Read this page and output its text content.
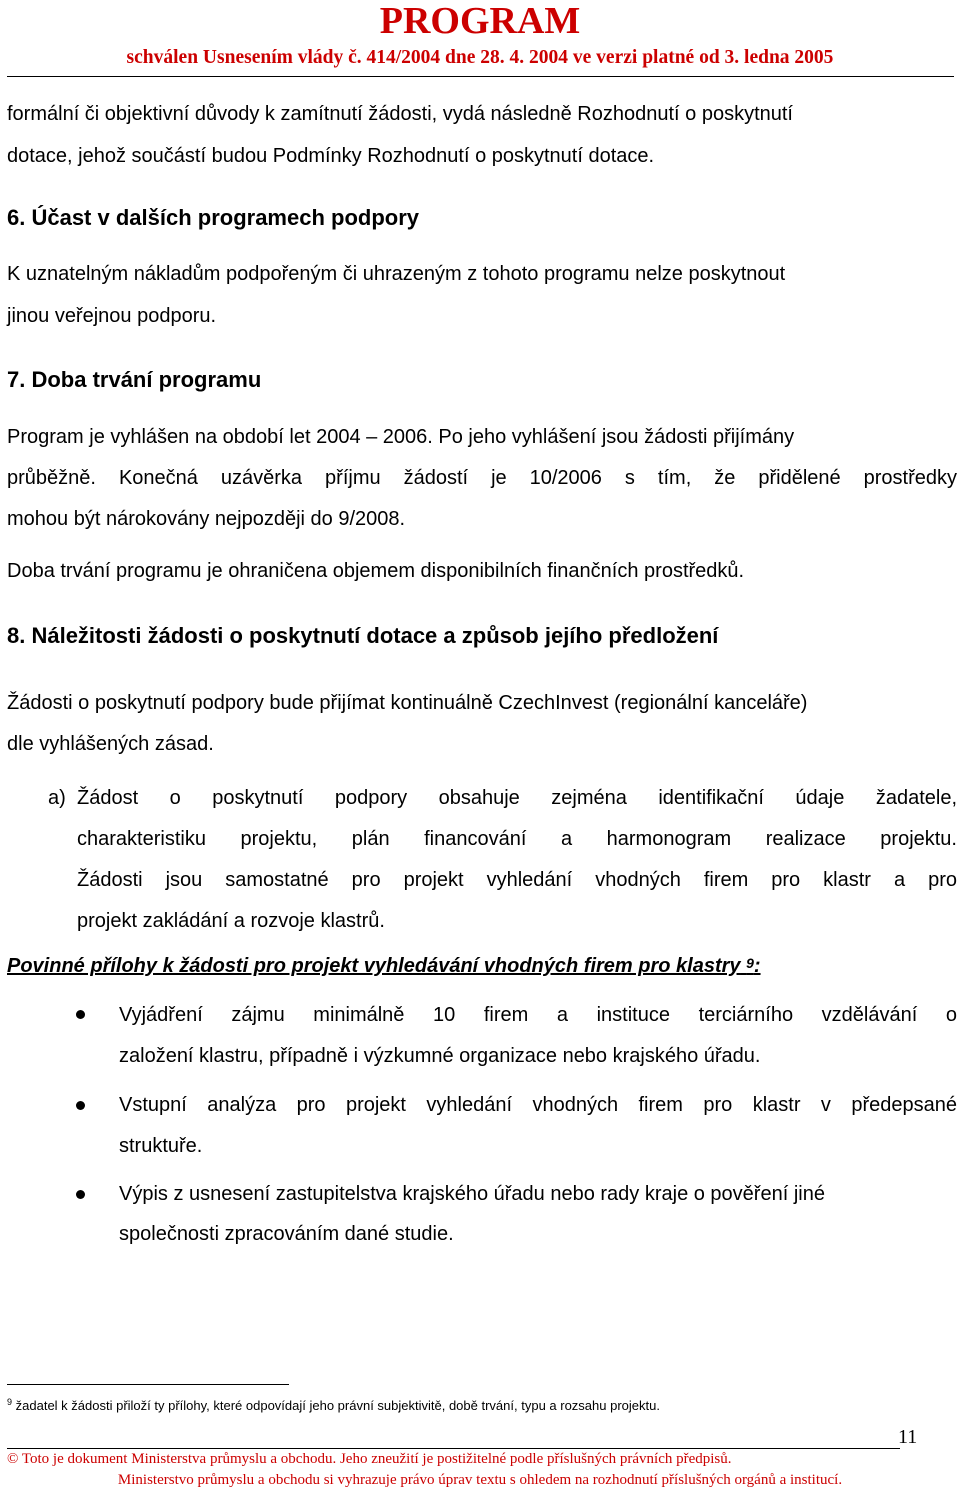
PROGRAM
schválen Usnesením vlády č. 414/2004 dne 28. 4. 2004 ve verzi platné od 3. ledna 2005
formální či objektivní důvody k zamítnutí žádosti, vydá následně Rozhodnutí o poskytnutí
dotace, jehož součástí budou Podmínky Rozhodnutí o poskytnutí dotace.
6. Účast v dalších programech podpory
K uznatelným nákladům podpořeným či uhrazeným z tohoto programu nelze poskytnout
jinou veřejnou podporu.
7. Doba trvání programu
Program je vyhlášen na období let 2004 – 2006. Po jeho vyhlášení jsou žádosti přijímány
průběžně. Konečná uzávěrka příjmu žádostí je 10/2006 s tím, že přidělené prostředky
mohou být nárokovány nejpozději do 9/2008.
Doba trvání programu je ohraničena objemem disponibilních finančních prostředků.
8. Náležitosti žádosti o poskytnutí dotace a způsob jejího předložení
Žádosti o poskytnutí podpory bude přijímat kontinuálně CzechInvest (regionální kanceláře)
dle vyhlášených zásad.
a) Žádost o poskytnutí podpory obsahuje zejména identifikační údaje žadatele,
charakteristiku projektu, plán financování a harmonogram realizace projektu.
Žádosti jsou samostatné pro projekt vyhledání vhodných firem pro klastr a pro
projekt zakládání a rozvoje klastrů.
Povinné přílohy k žádosti pro projekt vyhledávání vhodných firem pro klastry $^9$:
Vyjádření zájmu minimálně 10 firem a instituce terciárního vzdělávání o
založení klastru, případně i výzkumné organizace nebo krajského úřadu.
Vstupní analýza pro projekt vyhledání vhodných firem pro klastr v předepsané
struktuře.
Výpis z usnesení zastupitelstva krajského úřadu nebo rady kraje o pověření jiné
společnosti zpracováním dané studie.
$^9$ žadatel k žádosti přiloží ty přílohy, které odpovídají jeho právní subjektivitě, době trvání, typu a rozsahu projektu.
11
© Toto je dokument Ministerstva průmyslu a obchodu. Jeho zneužití je postižitelné podle příslušných právních předpisů.
Ministerstvo průmyslu a obchodu si vyhrazuje právo úprav textu s ohledem na rozhodnutí příslušných orgánů a institucí.
